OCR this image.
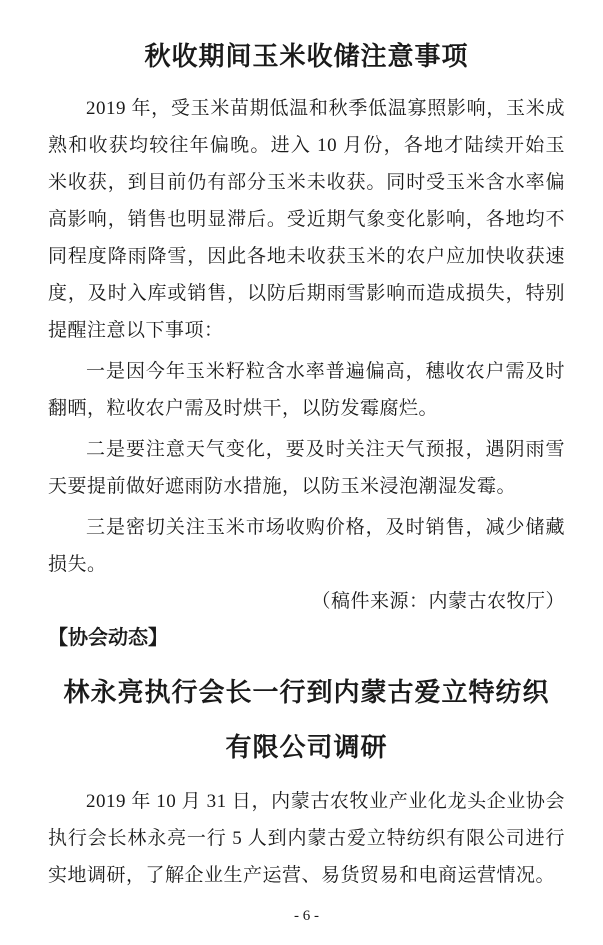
秋收期间玉米收储注意事项

2019 年，受玉米苗期低温和秋季低温寡照影响，玉米成熟和收获均较往年偏晚。进入 10 月份，各地才陆续开始玉米收获，到目前仍有部分玉米未收获。同时受玉米含水率偏高影响，销售也明显滞后。受近期气象变化影响，各地均不同程度降雨降雪，因此各地未收获玉米的农户应加快收获速度，及时入库或销售，以防后期雨雪影响而造成损失，特别提醒注意以下事项：

一是因今年玉米籽粒含水率普遍偏高，穗收农户需及时翻晒，粒收农户需及时烘干，以防发霉腐烂。

二是要注意天气变化，要及时关注天气预报，遇阴雨雪天要提前做好遮雨防水措施，以防玉米浸泡潮湿发霉。

三是密切关注玉米市场收购价格，及时销售，减少储藏损失。

（稿件来源：内蒙古农牧厅）

【协会动态】

林永亮执行会长一行到内蒙古爱立特纺织
有限公司调研

2019 年 10 月 31 日，内蒙古农牧业产业化龙头企业协会执行会长林永亮一行 5 人到内蒙古爱立特纺织有限公司进行实地调研，了解企业生产运营、易货贸易和电商运营情况。

- 6 -
